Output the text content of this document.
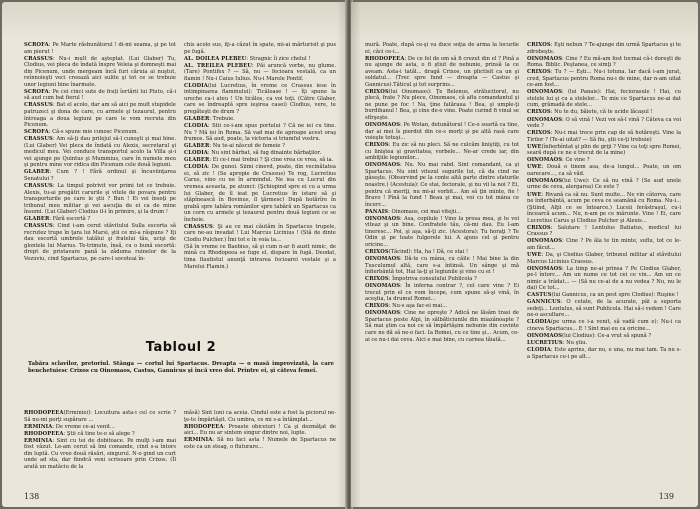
SCROFA: Pe Marte răsbunătorul ! di-mi seama, şi pe tot am pierut !

CRASSUS: Nu-i mult de aşteptat. (Lui Glaber) Tu, Clodius, vei pleca de îndată înspre Veleia şi domneşti mai din Picenum, unde mergeam încă furi căruia ai nuştut, reînnoieşti veci creează aici sulite şi tot ce se trebuie unor legiuni bine înarmate.

SCROFA: Pe cei cinci sute de frați îertării lui Pluto, că-i să aud cum bat fierul !

CRASSUS: Bat el acolo, dar am să aici pe mult stupidele patruzeci şi dona de care, cu armele şi tezaurul, pentru întreaga a doua legiuni pe care le vom recruta din Picenum.

SCROFA: Că-s spune mie cunosc Picenum.

CRASSUS: Am să-ţi dau prilejul să-l cunoşti şi mai bine. (Lui Glaber) Vei pleca de îndată cu Alexis, secretarul şi medicul meu. Vei conduce transportul acolo la Villa şi-i vei ajunge pe Quintus şi Mummius, care în numele meu şi pentru mine vor ridica din Picenum cele două legiuni.

GLABER: Cum ? ! Fără ordinul şi încuviinţarea Senatului ?

CRASSUS: La timpul potrivit vor primi tot ce trebuie. Alexis, tu-ai pregătit carurile şi vitele de povara pentru transporturile pe care le ştii ? Bun ! Ei vei însoţi pe tribunul meu militar şi vei ascuţia de ei ca de mine însumi. (Lui Glaber) Clodius il-i în primire, şi la drum !

GLABER: Fără escortă ?

CRASSUS: Cind i-am cerut stăvitului Sulla escorta să recrutez trupe în ţara lui Marsi, ştii ce mi-a răspuns ? Iţi dau escortă umbrele tatălui şi fratelui tău, ucişi de glontele lui Marius. Te-trimute, însă, cu o bună escortă: drept de pristavare pană la zăduma ruinelor de la Vezuviu, cind Spartacus, pe care-l socoteai în-

chis acolo sus, iţi-a căzut în spate, mi-ai mărturisit şi pus pe fugă.

AL. DOILEA PLEBEU: Stragnic îi zice chelul !

AL. TREILEA PLEBEU: Păi aruncă vorbe, nu glume. (Tare) Pontifex ? — Să, nu — fecioara vestală, ca un flamin ! Nu-i Caius Iulius. Nu-i Marele Pontif.

CLODIA(lui Lucretius, în vreme ce Crassus iese în intimpinarea flaminului): Ticăloase ! — îţi spune la ureche ca-i ateu ! Un ticălos, ca voi toţi. (Către Glaber, care se îndreaptă spre ieşirea casei) Clodius, vere, te pregăteşti de drum ?

GLABER: Trebuie.

CLODIA: Stii ce-i-am spus portului ? Că ne iei cu tine. Nu ? Mă iei în Roma. Să vad mai de aproape acest oraş frumos. Să aud, poate, la victoria si triumful vostru.

GLABER: Nu te-ai născut de femeie ?

CLODIA: Nu sint bărbat, să fug dinainte bărbaţilor.

GLABER: Ei ce-i mai trebui ? Şi cine vrea ce vrea, să ia.

CLODIA: De gunoi. Siimi cinevd, poate, din vecinătatea ei, să zic ! (Se apropie de Crassus) Te rog, Lucretius Carus, vino cu ne în armindul. Ne iea cu Lucrul din vremea aceasta, pe atunci: (Şchiopind spre ei cu a urma lui Glaber, de îl ieat pe Lucretius în istare să şi stăpînească în Bovinus, îl ţărmesc) După hotărîre în grabă spre tabăra românilor spre tabără un Spartacus ca un corn cu armele şi tezaurul pentru două legiuni ce se încheie.

CRASSUS: Şi au ce mai căutăm în Spartacus trupele, care ne-au invadat ! Lui Marcus Licinius ! (Stă de dinte Clodiu Pulcher.) Îmi tot e în voia ta...

(Să în vreme ce Baebius, să şi cum n-ar fi auzit nimic, de mină cu Rhodopeea se fuge el, dispare în fugă. Deodat, tima flautistul anunţă intrarea fecioarei vestale şi a Marelui Flamin.)

Tabloul 2
Tabăra sclavilor, pretoriul. Stânga — cortul lui Spartacus. Dreapta — o masă improvizată, la care benchetuiesc Crixos cu Oinomaos, Castus, Gannicus şi încă vreo doi. Printre ei, şi câteva femei.

RHODOPEEA(Erminiei): Locuitura asta-i cel ce scrie ? Să nu-mi porţi supărare ...

ERMINIA: De vreme ce-ai venit...

RHODOPEEA: Ştii că tine te-o să alege ?

ERMINIA: Sint cu tei de dobitoace. Pe mulţi i-am mai fost văzut. Le-am cerut să îmi comande, cind s-a întors din luptă. Cu vreo două răsări, singurul. N-o gind un curt unde ad sta, dar fiindcă veni scrisoare prin Crixos. (Îl arată un matăciu de la

măsă) Sint luni ca aceia. Cindul este a fost la piciorul ne-ţe-te împărtăşit. Cu umbra, ce mi s-a întâmplat...

RHODOPEEA: Proaste obiceiuri ! Ca şi dezmăţat de aici... Eu nu ar sintem singur dintre noi, lupte.

ERMINIA: Să nu faci asta ! Numele de Spartacus ne este ca un steag, o fluturare...

138

mură. Poate, după ce-şi va duce soţia de arma la locurile ei, căci ce-i...

RHODOPEEA: De ce fel de om să fi crezut din el ? Pină a nu ajunge de asta, o fi ştiut de nebunie, prinsă la ce aveam. Asta-i tatăl... dragă Crixos, un plictisit ca un şi soldatul... (Trec spre fund — dreapta — Castus şi Gannicus).Tăticul şi tot surprins...

CRIXOS(lui Oinomaos): Ţe Belenus, strălucitorul, nu plecă, frate ? Nu plece, Oinomaos, că aflu comandantul şi ne pune pe foc ! Na, ţine fatăraua ! Bea, şi umple-ţi burdihanul ! Bea, şi cine de-o vine. Poate curind fi vinul se sfîrşeşte.

OINOMAOS: Pe Wotan, detunătorul ! Ce-o soartă ca tine, dar ai mei îs pierdut din ce-s morţi şi pe altă rasă care voieşte totuşi...

CRIXOS: Eu zic să nu pleci. Să ne culcăm liniştiţi, cu tot cu liniştea şi gravitatea, vorbele... Ne-ar crede iar, din ambiţiile legiunilor...

OINOMAOS: Nu. Nu mai rabd. Sint comandant, ca şi Spartacus. Nu sint vitezul sugurile lui, că da cind ne găseşte. (Observind pe la conte altă parte dintre sfaturile noastre.) (Acestuia): Ce stai, feciorale, şi nu vii la noi ? Ei, pentru că meriţi, nu mi-ai vorbit... Am să ţin minte, fie ! Bravo ! Pînă la fund ! Beau şi mai, voi cu tot mâna ce încerc...

PANAIS: Oinomaos, cei mai vitejii...

OINOMAOS: Asa, copilule ! Vino la prosa mea, şi te voi viteaz şi un bine. Confratele tău, că-mi dau. Eu l-am tineresc... Poi, şi aşa, să-ţi zic. (Acestora): Tu horaţi ? Te Odin şi pe toate fulgerele lui. A ajuns cel şi pentru oricine...

CRIXOS(Tăcind): Ha, ha ! Dă, ce stai !

OINOMAOS: Dă-te cu mâna, cu căile ! Mai bine la din Tusculumul altă, care s-a întinsă. Un sânge şi mă înfierbântă tot, Hai la-ţi şi legiunile şi vino cu ei !

CRIXOS: Împotriva consulului Publicola ?

OINOMAOS: În inferna contrar ?, cel care vine ? Ei trecut prin el ce vom începe, cum spune să-şi vină, în aceştia, la drumul Romei...

CRIXOS: Nu-s aşa fac-ei mai...

OINOMAOS: Cine ne opreşte ? Adică ne lăsăm trasi de Spartacus peste Alpi, în sălbăticiunile din miazănoapte ? Să mai ştim ca noi ce să împărtăşim nebunie din cuvinte care ne dă să ne-o faci. Ia Romei, cu ce tine şi... Acum, ce-ai ce nu-i dai ceva. Aici e mai bine, cu carnea tăiată...

CRIXOS: Eşti nebun ? Te-ajunge din urmă Spartacus şi te zdrobeşte.

OINOMAOS: Cine ? Eu mă-am fost tocmai că-i doreşti de Roma. Biblic. Peştanea, ce simţi ?

CRIXOS: Tu ? — Eşti... Nu-i totuna. Iar dacă i-am jurat, cred, Spartacus pentru Roma nu-i de mine, dar n-am uitat ce-am fost...

OINOMAOS: (lui Panais): Hai, feciorasule ! Hai, cu stelele lui şi cu a stelelor... Te mie ce Spartacus ne-ai dat cum, grămadă de stele...

CRIXOS: Nu te du, băiete, că te ucide lăcaşul !

OINOMAOS: O să vină ! Vezi voi să-l vină ? Câteva ca voi vede ?

CRIXOS: Nu-i mai trece prin cap de să hotăreşti. Vine la Tirilor ? (Te-ai uitat? — Să fiu, ştii ce-ţi trebuie)

UWE(înfierbîntat şi plin de griji ? Vine ca toţi spre Romei, seară după ce ne e trecut de la mine)

OINOMAOS: Ce vine ?

UWE: Două o tinem asa, de-a lungul... Poate, un om oarecare..., ca să văd.

OINOMAOS(lui Uwe): Ce să nu vină ? (Se aud unele urme de ceva, alergarea) Ce este ?

UWE: Rivană ca să nu. Sunt multe... Ne vin câtorva, care ne înfierbântă, acum pe ceva ce seamănă cu Roma. Nu-i... (Ştiind, Alţii ce se întoarce.) Luceii ferăstraşul, cu-i încearcă acum... Nu, n-am pe ce mărunte. Vine ! Ei, care Lucretius Carus şi Clodius Pulcher şi Alexis...

CRIXOS: Salutare ! Lentulus Batiatus, medicul lui Crassus ?

OINOMAOS: Cine ? Pe ăla te tin minte, suflu, tot ce le-am făcut...

UWE: Da, şi Clodius Glaber, tribunul militar al stăvitului Marcus Licinius Crassus.

OINOMAOS: La timp ne-ai prinsa ? Pe Clodius Glaber, pe-l întorc... Am un nume ce tot cei ce vin... Am un ce nimic a trădat... — (Să nu ce-ai de a nu vedea ? Nu, nu le dai) Ce tot...

CASTUS(lui Gannicus, ca un pest spre Clodius): Ruşine !

GANNICUS: O cetate, de la acurate, păi a suporta sedeţi... Lentulus, să sunt Publicola. Hai să-i vedem ! Care ne-o ascultare...

CLODIA(pe urma ce i-a venit, să vadă cum e): Nu-i ca cineva Spartacus... E ! Sint mai eu ca oricine...

OINOMAOS(lui Clodius): Ce-a vrut să spună ?

LUCRETIUS: Nu ştiu.

CLODIA: Este aprins, dar nu, e una, nu mai tam. Ta nu s-a Spartacus ce-i pe alt...

139
